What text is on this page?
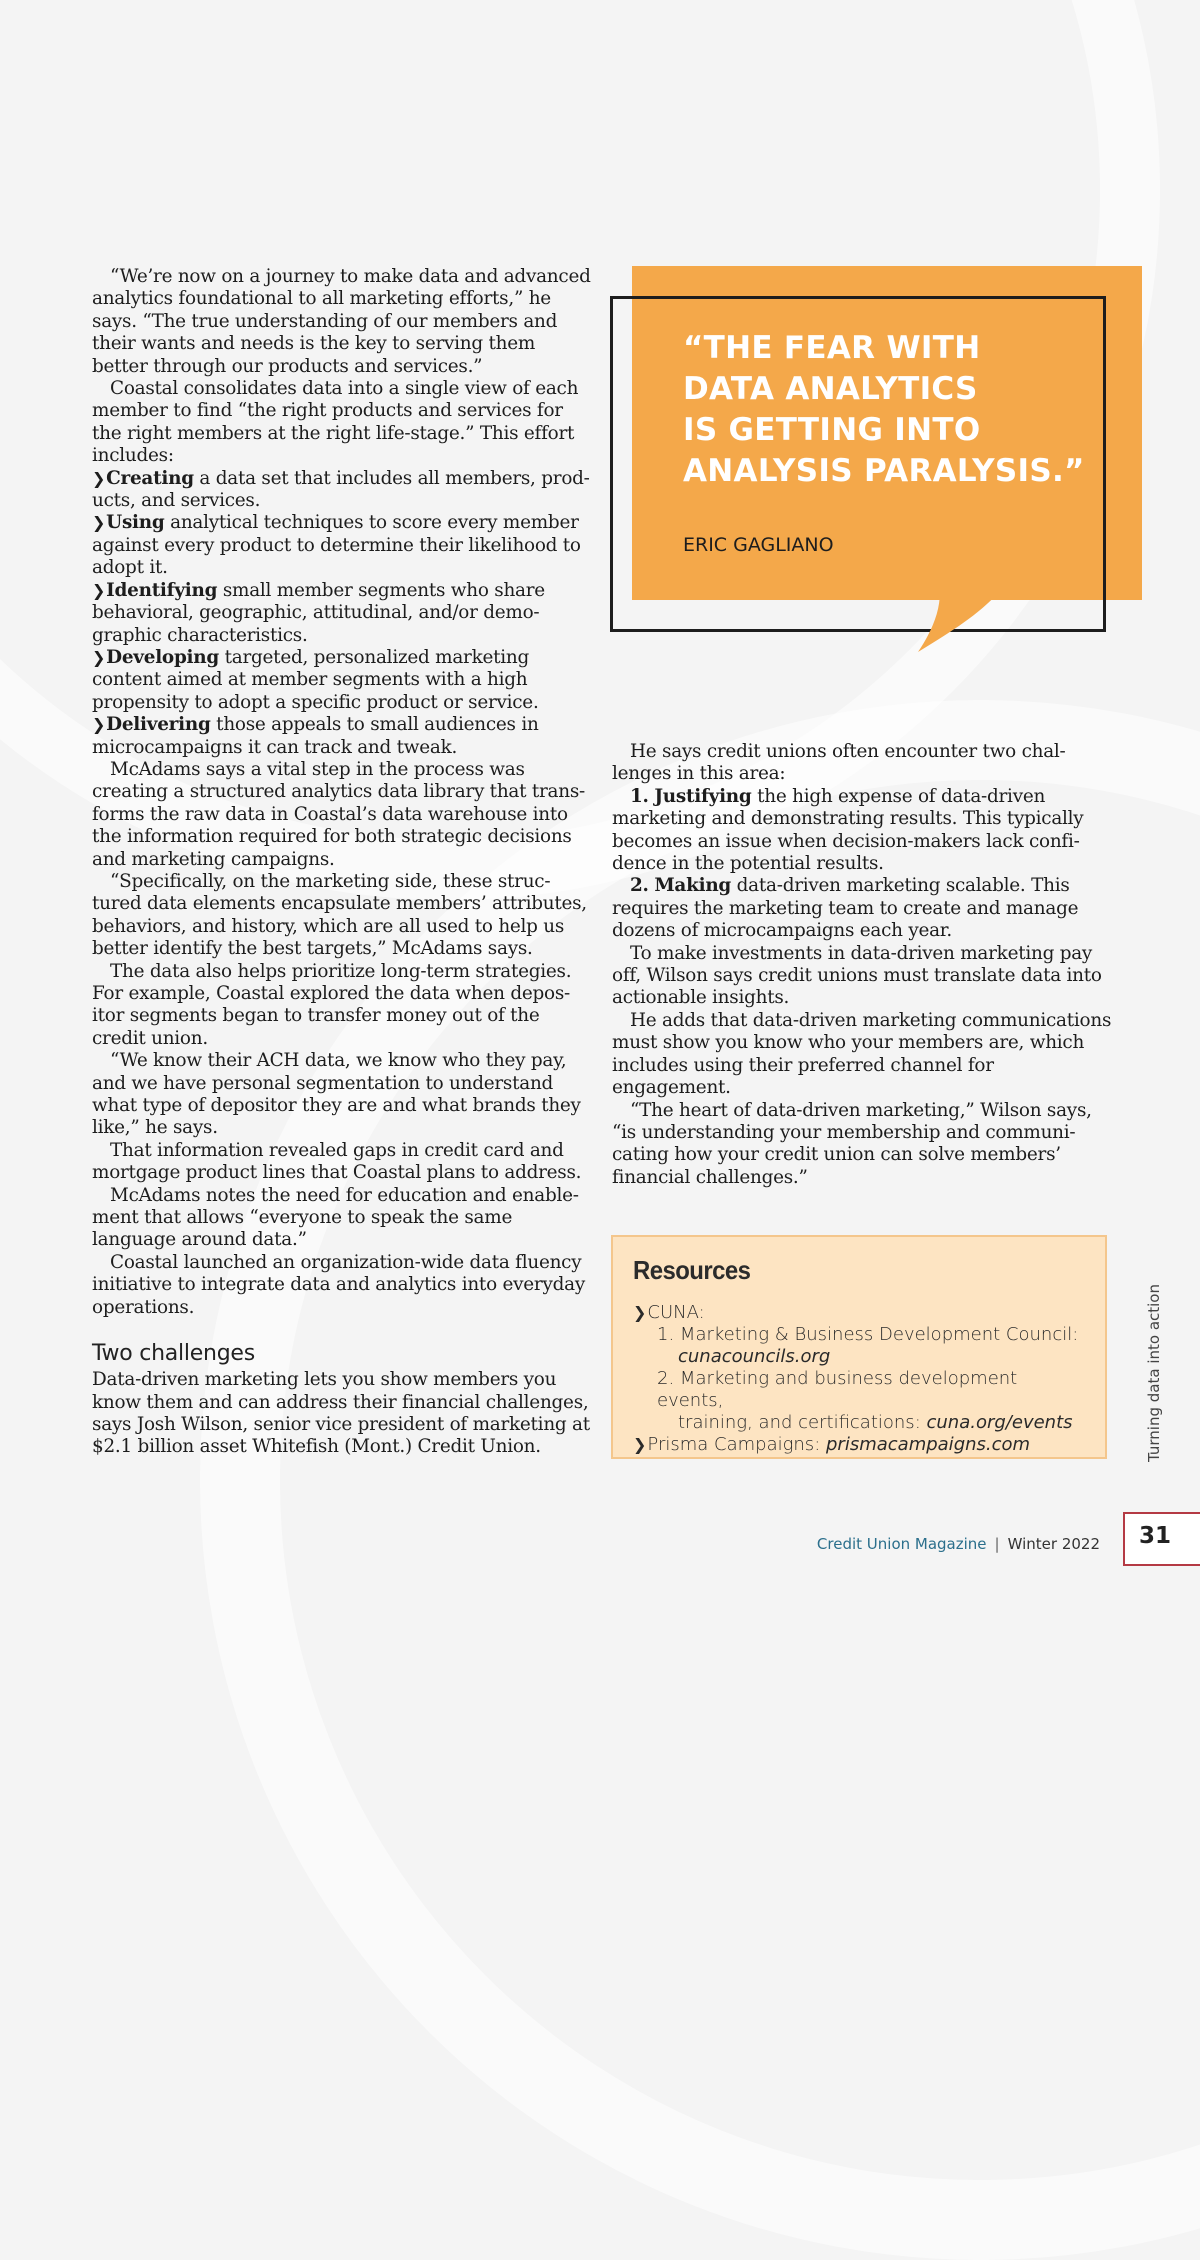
“We’re now on a journey to make data and advanced analytics foundational to all marketing efforts,” he says. “The true understanding of our members and their wants and needs is the key to serving them better through our products and services.”

Coastal consolidates data into a single view of each member to find “the right products and services for the right members at the right life-stage.” This effort includes:

❯Creating a data set that includes all members, prod-ucts, and services.

❯Using analytical techniques to score every member against every product to determine their likelihood to adopt it.

❯Identifying small member segments who share behavioral, geographic, attitudinal, and/or demo-graphic characteristics.

❯Developing targeted, personalized marketing content aimed at member segments with a high propensity to adopt a specific product or service.

❯Delivering those appeals to small audiences in microcampaigns it can track and tweak.

McAdams says a vital step in the process was creating a structured analytics data library that trans-forms the raw data in Coastal’s data warehouse into the information required for both strategic decisions and marketing campaigns.

“Specifically, on the marketing side, these struc-tured data elements encapsulate members’ attributes, behaviors, and history, which are all used to help us better identify the best targets,” McAdams says.

The data also helps prioritize long-term strategies. For example, Coastal explored the data when depos-itor segments began to transfer money out of the credit union.

“We know their ACH data, we know who they pay, and we have personal segmentation to understand what type of depositor they are and what brands they like,” he says.

That information revealed gaps in credit card and mortgage product lines that Coastal plans to address.

McAdams notes the need for education and enable-ment that allows “everyone to speak the same language around data.”

Coastal launched an organization-wide data fluency initiative to integrate data and analytics into everyday operations.

Two challenges

Data-driven marketing lets you show members you know them and can address their financial challenges, says Josh Wilson, senior vice president of marketing at $2.1 billion asset Whitefish (Mont.) Credit Union.

“THE FEAR WITH
DATA ANALYTICS
IS GETTING INTO
ANALYSIS PARALYSIS.”
ERIC GAGLIANO

He says credit unions often encounter two chal-lenges in this area:

1. Justifying the high expense of data-driven marketing and demonstrating results. This typically becomes an issue when decision-makers lack confi-dence in the potential results.

2. Making data-driven marketing scalable. This requires the marketing team to create and manage dozens of microcampaigns each year.

To make investments in data-driven marketing pay off, Wilson says credit unions must translate data into actionable insights.

He adds that data-driven marketing communications must show you know who your members are, which includes using their preferred channel for engagement.

“The heart of data-driven marketing,” Wilson says, “is understanding your membership and communi-cating how your credit union can solve members’ financial challenges.”

Resources
❯CUNA:
1. Marketing & Business Development Council:
cunacouncils.org
2. Marketing and business development events,
training, and certifications: cuna.org/events
❯Prisma Campaigns: prismacampaigns.com	Turning data into action
Credit Union Magazine | Winter 2022 31
